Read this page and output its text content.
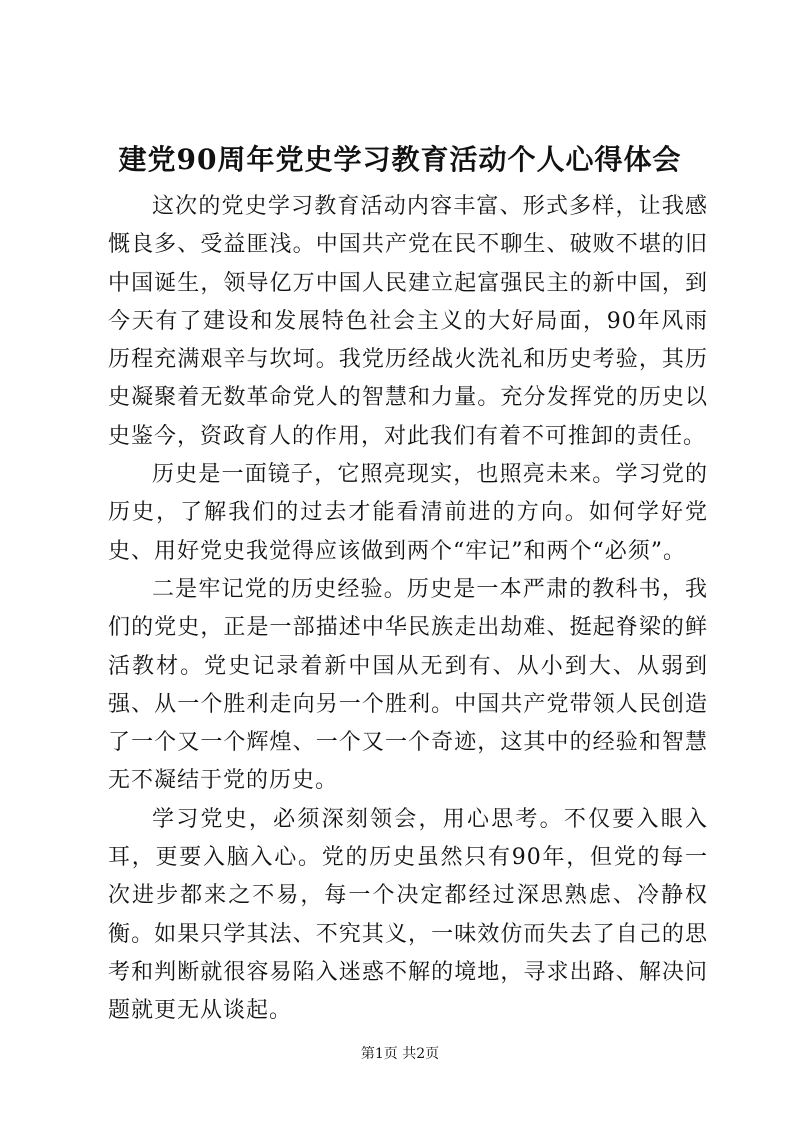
建党90周年党史学习教育活动个人心得体会

这次的党史学习教育活动内容丰富、形式多样，让我感慨良多、受益匪浅。中国共产党在民不聊生、破败不堪的旧中国诞生，领导亿万中国人民建立起富强民主的新中国，到今天有了建设和发展特色社会主义的大好局面，90年风雨历程充满艰辛与坎坷。我党历经战火洗礼和历史考验，其历史凝聚着无数革命党人的智慧和力量。充分发挥党的历史以史鉴今，资政育人的作用，对此我们有着不可推卸的责任。

历史是一面镜子，它照亮现实，也照亮未来。学习党的历史，了解我们的过去才能看清前进的方向。如何学好党史、用好党史我觉得应该做到两个“牢记”和两个“必须”。

二是牢记党的历史经验。历史是一本严肃的教科书，我们的党史，正是一部描述中华民族走出劫难、挺起脊梁的鲜活教材。党史记录着新中国从无到有、从小到大、从弱到强、从一个胜利走向另一个胜利。中国共产党带领人民创造了一个又一个辉煌、一个又一个奇迹，这其中的经验和智慧无不凝结于党的历史。

学习党史，必须深刻领会，用心思考。不仅要入眼入耳，更要入脑入心。党的历史虽然只有90年，但党的每一次进步都来之不易，每一个决定都经过深思熟虑、冷静权衡。如果只学其法、不究其义，一味效仿而失去了自己的思考和判断就很容易陷入迷惑不解的境地，寻求出路、解决问题就更无从谈起。

第1页 共2页
